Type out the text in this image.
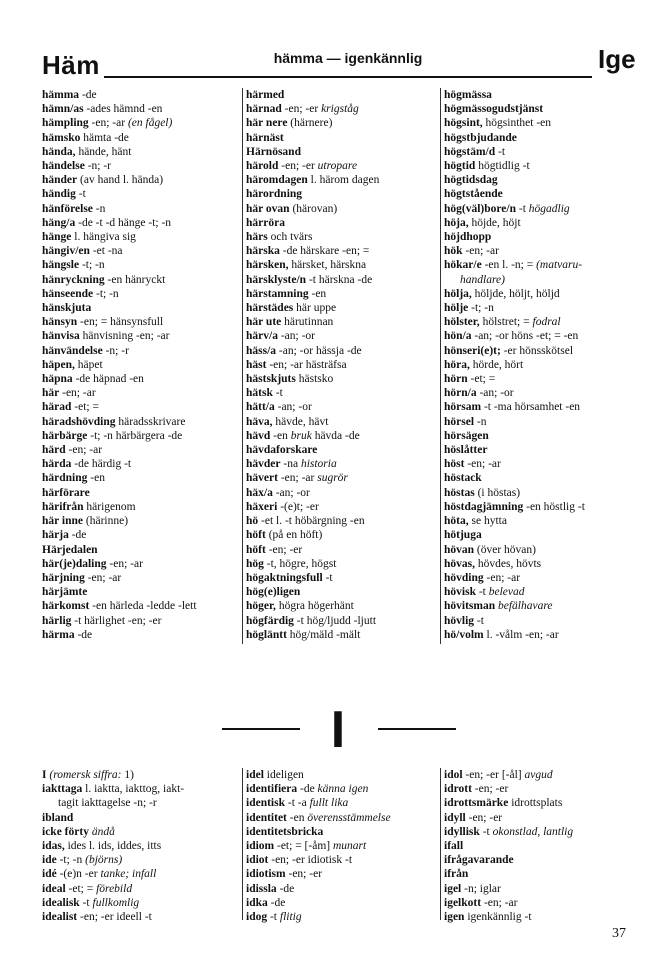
Häm	hämma — igenkännlig	Ige
hämma -de
hämn/as -ades hämnd -en
hämpling -en; -ar (en fågel)
hämsko hämta -de
hända, hände, hänt
händelse -n; -r
händer (av hand l. hända)
händig -t
hänförelse -n
häng/a -de -t -d hänge -t; -n
hänge l. hängiva sig
hängiv/en -et -na
hängsle -t; -n
hänryckning -en hänryckt
hänseende -t; -n
hänskjuta
hänsyn -en; = hänsynsfull
hänvisa hänvisning -en; -ar
hänvändelse -n; -r
häpen, häpet
häpna -de häpnad -en
här -en; -ar
härad -et; =
häradshövding häradsskrivare
härbärge -t; -n härbärgera -de
härd -en; -ar
härda -de härdig -t
härdning -en
härförare
härifrån härigenom
här inne (härinne)
härja -de
Härjedalen
här(je)daling -en; -ar
härjning -en; -ar
härjämte
härkomst -en härleda -ledde -lett
härlig -t härlighet -en; -er
härma -de
härmed
härnad -en; -er krigståg
här nere (härnere)
härnäst
Härnösand
härold -en; -er utropare
häromdagen l. härom dagen
härordning
här ovan (härovan)
härröra
härs och tvärs
härska -de härskare -en; =
härsken, härsket, härskna
härsklyste/n -t härskna -de
härstamning -en
härstädes här uppe
här ute härutinnan
härv/a -an; -or
häss/a -an; -or hässja -de
häst -en; -ar hästräfsa
hästskjuts hästsko
hätsk -t
hätt/a -an; -or
häva, hävde, hävt
hävd -en bruk hävda -de
hävdaforskare
hävder -na historia
hävert -en; -ar sugrör
häx/a -an; -or
häxeri -(e)t; -er
hö -et l. -t höbärgning -en
höft (på en höft)
höft -en; -er
hög -t, högre, högst
högaktningsfull -t
hög(e)ligen
höger, högra högerhänt
högfärdig -t hög/ljudd -ljutt
högläntt hög/mäld -mält
högmässa
högmässogudstjänst
högsint, högsinthet -en
högstbjudande
högstäm/d -t
högtid högtidlig -t
högtidsdag
högtstående
hög(väl)bore/n -t högadlig
höja, höjde, höjt
höjdhopp
hök -en; -ar
hökar/e -en l. -n; = (matvaru-
handlare)
hölja, höljde, höljt, höljd
hölje -t; -n
hölster, hölstret; = fodral
hön/a -an; -or höns -et; = -en
hönseri(e)t; -er hönsskötsel
höra, hörde, hört
hörn -et; =
hörn/a -an; -or
hörsam -t -ma hörsamhet -en
hörsel -n
hörsägen
höslåtter
höst -en; -ar
höstack
höstas (i höstas)
höstdagjämning -en höstlig -t
höta, se hytta
hötjuga
hövan (över hövan)
hövas, hövdes, hövts
hövding -en; -ar
hövisk -t belevad
hövitsman befälhavare
hövlig -t
hö/volm l. -vålm -en; -ar
I
I (romersk siffra: 1)
iakttaga l. iaktta, iakttog, iakt-
tagit iakttagelse -n; -r
ibland
icke förty ändå
idas, ides l. ids, iddes, itts
ide -t; -n (björns)
idé -(e)n -er tanke; infall
ideal -et; = förebild
idealisk -t fullkomlig
idealist -en; -er ideell -t
idel ideligen
identifiera -de känna igen
identisk -t -a fullt lika
identitet -en överensstämmelse
identitetsbricka
idiom -et; = [-åm] munart
idiot -en; -er idiotisk -t
idiotism -en; -er
idissla -de
idka -de
idog -t flitig
idol -en; -er [-ål] avgud
idrott -en; -er
idrottsmärke idrottsplats
idyll -en; -er
idyllisk -t okonstlad, lantlig
ifall
ifrågavarande
ifrån
igel -n; iglar
igelkott -en; -ar
igen igenkännlig -t
37
